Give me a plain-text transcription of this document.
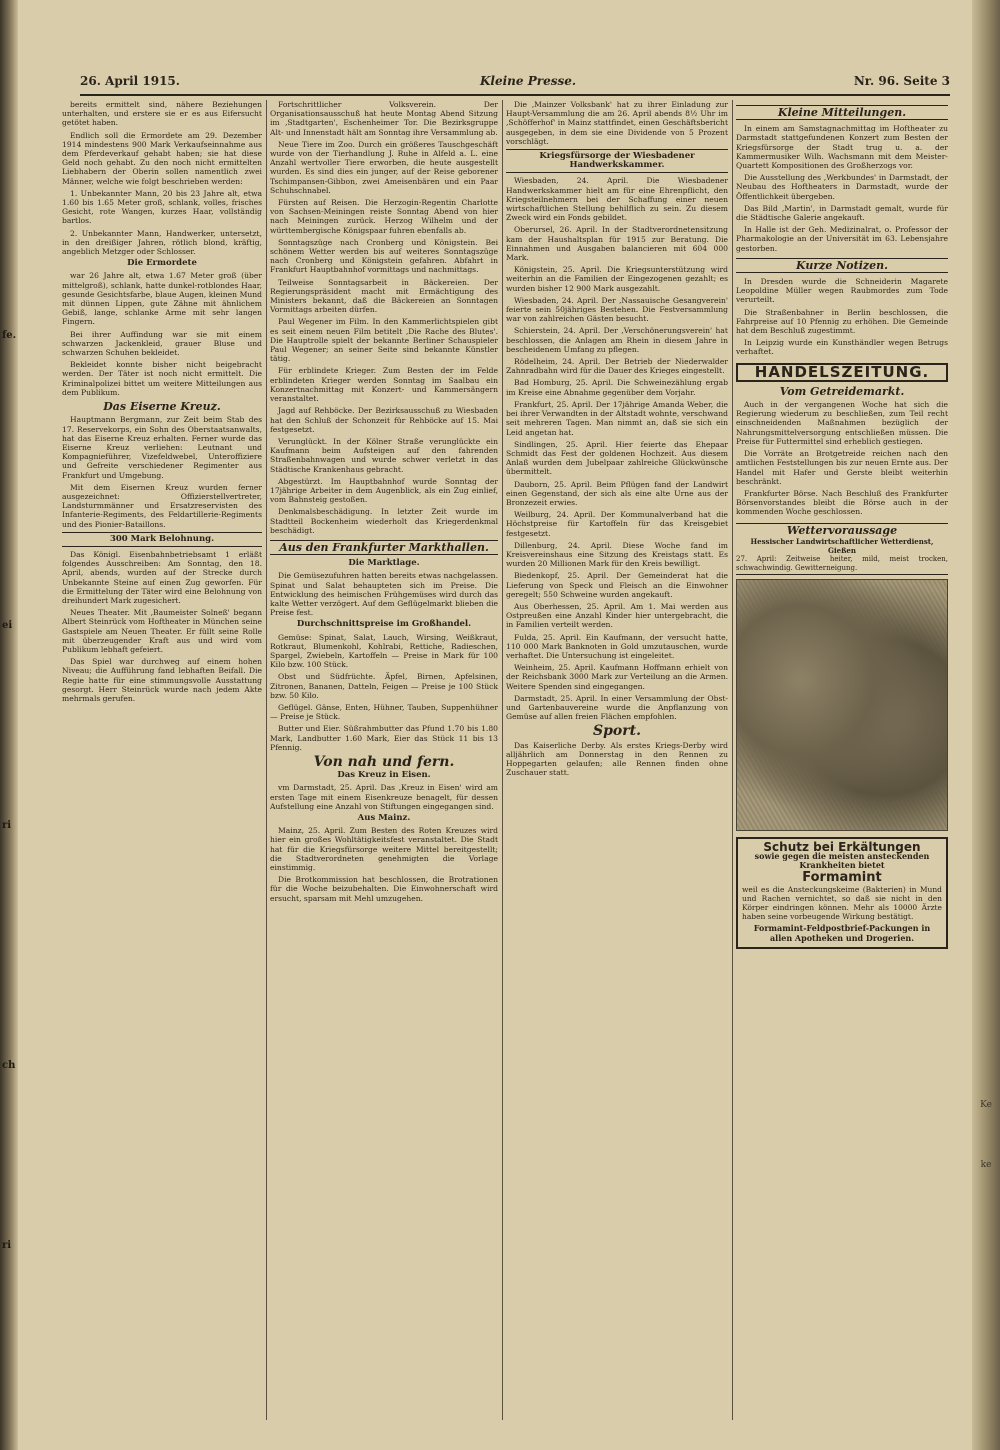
fe.
ei
ri
ch
ri
Ke
ke
26. April 1915.	Kleine Presse.	Nr. 96. Seite 3

bereits ermittelt sind, nähere Beziehungen unterhalten, und erstere sie er es aus Eifersucht getötet haben.

Endlich soll die Ermordete am 29. Dezember 1914 mindestens 900 Mark Verkaufseinnahme aus dem Pferdeverkauf gehabt haben; sie hat diese Geld noch gehabt. Zu den noch nicht ermittelten Liebhabern der Oberin sollen namentlich zwei Männer, welche wie folgt beschrieben werden:

1. Unbekannter Mann, 20 bis 23 Jahre alt, etwa 1.60 bis 1.65 Meter groß, schlank, volles, frisches Gesicht, rote Wangen, kurzes Haar, vollständig bartlos.

2. Unbekannter Mann, Handwerker, untersetzt, in den dreißiger Jahren, rötlich blond, kräftig, angeblich Metzger oder Schlosser.

Die Ermordete

war 26 Jahre alt, etwa 1.67 Meter groß (über mittelgroß), schlank, hatte dunkel-rotblondes Haar, gesunde Gesichtsfarbe, blaue Augen, kleinen Mund mit dünnen Lippen, gute Zähne mit ähnlichem Gebiß, lange, schlanke Arme mit sehr langen Fingern.

Bei ihrer Auffindung war sie mit einem schwarzen Jackenkleid, grauer Bluse und schwarzen Schuhen bekleidet.

Bekleidet konnte bisher nicht beigebracht werden. Der Täter ist noch nicht ermittelt. Die Kriminalpolizei bittet um weitere Mitteilungen aus dem Publikum.

Das Eiserne Kreuz.

Hauptmann Bergmann, zur Zeit beim Stab des 17. Reservekorps, ein Sohn des Oberstaatsanwalts, hat das Eiserne Kreuz erhalten. Ferner wurde das Eiserne Kreuz verliehen: Leutnant und Kompagnieführer, Vizefeldwebel, Unteroffiziere und Gefreite verschiedener Regimenter aus Frankfurt und Umgebung.

Mit dem Eisernen Kreuz wurden ferner ausgezeichnet: Offizierstellvertreter, Landsturmmänner und Ersatzreservisten des Infanterie-Regiments, des Feldartillerie-Regiments und des Pionier-Bataillons.

300 Mark Belohnung.

Das Königl. Eisenbahnbetriebsamt 1 erläßt folgendes Ausschreiben: Am Sonntag, den 18. April, abends, wurden auf der Strecke durch Unbekannte Steine auf einen Zug geworfen. Für die Ermittelung der Täter wird eine Belohnung von dreihundert Mark zugesichert.

Neues Theater. Mit ‚Baumeister Solneß' begann Albert Steinrück vom Hoftheater in München seine Gastspiele am Neuen Theater. Er füllt seine Rolle mit überzeugender Kraft aus und wird vom Publikum lebhaft gefeiert.

Das Spiel war durchweg auf einem hohen Niveau; die Aufführung fand lebhaften Beifall. Die Regie hatte für eine stimmungsvolle Ausstattung gesorgt. Herr Steinrück wurde nach jedem Akte mehrmals gerufen.

Fortschrittlicher Volksverein. Der Organisationsausschuß hat heute Montag Abend Sitzung im ‚Stadtgarten', Eschenheimer Tor. Die Bezirksgruppe Alt- und Innenstadt hält am Sonntag ihre Versammlung ab.

Neue Tiere im Zoo. Durch ein größeres Tauschgeschäft wurde von der Tierhandlung J. Ruhe in Alfeld a. L. eine Anzahl wertvoller Tiere erworben, die heute ausgestellt wurden. Es sind dies ein junger, auf der Reise geborener Tschimpansen-Gibbon, zwei Ameisenbären und ein Paar Schuhschnabel.

Fürsten auf Reisen. Die Herzogin-Regentin Charlotte von Sachsen-Meiningen reiste Sonntag Abend von hier nach Meiningen zurück. Herzog Wilhelm und der württembergische Königspaar fuhren ebenfalls ab.

Sonntagszüge nach Cronberg und Königstein. Bei schönem Wetter werden bis auf weiteres Sonntagszüge nach Cronberg und Königstein gefahren. Abfahrt in Frankfurt Hauptbahnhof vormittags und nachmittags.

Teilweise Sonntagsarbeit in Bäckereien. Der Regierungspräsident macht mit Ermächtigung des Ministers bekannt, daß die Bäckereien an Sonntagen Vormittags arbeiten dürfen.

Paul Wegener im Film. In den Kammerlichtspielen gibt es seit einem neuen Film betitelt ‚Die Rache des Blutes'. Die Hauptrolle spielt der bekannte Berliner Schauspieler Paul Wegener; an seiner Seite sind bekannte Künstler tätig.

Für erblindete Krieger. Zum Besten der im Felde erblindeten Krieger werden Sonntag im Saalbau ein Konzertnachmittag mit Konzert- und Kammersängern veranstaltet.

Jagd auf Rehböcke. Der Bezirksausschuß zu Wiesbaden hat den Schluß der Schonzeit für Rehböcke auf 15. Mai festgesetzt.

Verunglückt. In der Kölner Straße verunglückte ein Kaufmann beim Aufsteigen auf den fahrenden Straßenbahnwagen und wurde schwer verletzt in das Städtische Krankenhaus gebracht.

Abgestürzt. Im Hauptbahnhof wurde Sonntag der 17jährige Arbeiter in dem Augenblick, als ein Zug einlief, vom Bahnsteig gestoßen.

Denkmalsbeschädigung. In letzter Zeit wurde im Stadtteil Bockenheim wiederholt das Kriegerdenkmal beschädigt.

Aus den Frankfurter Markthallen.
Die Marktlage.

Die Gemüsezufuhren hatten bereits etwas nachgelassen. Spinat und Salat behaupteten sich im Preise. Die Entwicklung des heimischen Frühgemüses wird durch das kalte Wetter verzögert. Auf dem Geflügelmarkt blieben die Preise fest.

Durchschnittspreise im Großhandel.

Gemüse: Spinat, Salat, Lauch, Wirsing, Weißkraut, Rotkraut, Blumenkohl, Kohlrabi, Rettiche, Radieschen, Spargel, Zwiebeln, Kartoffeln — Preise in Mark für 100 Kilo bzw. 100 Stück.

Obst und Südfrüchte. Äpfel, Birnen, Apfelsinen, Zitronen, Bananen, Datteln, Feigen — Preise je 100 Stück bzw. 50 Kilo.

Geflügel. Gänse, Enten, Hühner, Tauben, Suppenhühner — Preise je Stück.

Butter und Eier. Süßrahmbutter das Pfund 1.70 bis 1.80 Mark, Landbutter 1.60 Mark, Eier das Stück 11 bis 13 Pfennig.

Von nah und fern.
Das Kreuz in Eisen.

vm Darmstadt, 25. April. Das ‚Kreuz in Eisen' wird am ersten Tage mit einem Eisenkreuze benagelt, für dessen Aufstellung eine Anzahl von Stiftungen eingegangen sind.

Aus Mainz.

Mainz, 25. April. Zum Besten des Roten Kreuzes wird hier ein großes Wohltätigkeitsfest veranstaltet. Die Stadt hat für die Kriegsfürsorge weitere Mittel bereitgestellt; die Stadtverordneten genehmigten die Vorlage einstimmig.

Die Brotkommission hat beschlossen, die Brotrationen für die Woche beizubehalten. Die Einwohnerschaft wird ersucht, sparsam mit Mehl umzugehen.

Die ‚Mainzer Volksbank' hat zu ihrer Einladung zur Haupt-Versammlung die am 26. April abends 8½ Uhr im ‚Schöfferhof' in Mainz stattfindet, einen Geschäftsbericht ausgegeben, in dem sie eine Dividende von 5 Prozent vorschlägt.

Kriegsfürsorge der Wiesbadener Handwerkskammer.

Wiesbaden, 24. April. Die Wiesbadener Handwerkskammer hielt am für eine Ehrenpflicht, den Kriegsteilnehmern bei der Schaffung einer neuen wirtschaftlichen Stellung behilflich zu sein. Zu diesem Zweck wird ein Fonds gebildet.

Oberursel, 26. April. In der Stadtverordnetensitzung kam der Haushaltsplan für 1915 zur Beratung. Die Einnahmen und Ausgaben balancieren mit 604 000 Mark.

Königstein, 25. April. Die Kriegsunterstützung wird weiterhin an die Familien der Eingezogenen gezahlt; es wurden bisher 12 900 Mark ausgezahlt.

Wiesbaden, 24. April. Der ‚Nassauische Gesangverein' feierte sein 50jähriges Bestehen. Die Festversammlung war von zahlreichen Gästen besucht.

Schierstein, 24. April. Der ‚Verschönerungsverein' hat beschlossen, die Anlagen am Rhein in diesem Jahre in bescheidenem Umfang zu pflegen.

Rödelheim, 24. April. Der Betrieb der Niederwalder Zahnradbahn wird für die Dauer des Krieges eingestellt.

Bad Homburg, 25. April. Die Schweinezählung ergab im Kreise eine Abnahme gegenüber dem Vorjahr.

Frankfurt, 25. April. Der 17jährige Amanda Weber, die bei ihrer Verwandten in der Altstadt wohnte, verschwand seit mehreren Tagen. Man nimmt an, daß sie sich ein Leid angetan hat.

Sindlingen, 25. April. Hier feierte das Ehepaar Schmidt das Fest der goldenen Hochzeit. Aus diesem Anlaß wurden dem Jubelpaar zahlreiche Glückwünsche übermittelt.

Dauborn, 25. April. Beim Pflügen fand der Landwirt einen Gegenstand, der sich als eine alte Urne aus der Bronzezeit erwies.

Weilburg, 24. April. Der Kommunalverband hat die Höchstpreise für Kartoffeln für das Kreisgebiet festgesetzt.

Dillenburg, 24. April. Diese Woche fand im Kreisvereinshaus eine Sitzung des Kreistags statt. Es wurden 20 Millionen Mark für den Kreis bewilligt.

Biedenkopf, 25. April. Der Gemeinderat hat die Lieferung von Speck und Fleisch an die Einwohner geregelt; 550 Schweine wurden angekauft.

Aus Oberhessen, 25. April. Am 1. Mai werden aus Ostpreußen eine Anzahl Kinder hier untergebracht, die in Familien verteilt werden.

Fulda, 25. April. Ein Kaufmann, der versucht hatte, 110 000 Mark Banknoten in Gold umzutauschen, wurde verhaftet. Die Untersuchung ist eingeleitet.

Weinheim, 25. April. Kaufmann Hoffmann erhielt von der Reichsbank 3000 Mark zur Verteilung an die Armen. Weitere Spenden sind eingegangen.

Darmstadt, 25. April. In einer Versammlung der Obst- und Gartenbauvereine wurde die Anpflanzung von Gemüse auf allen freien Flächen empfohlen.

Sport.

Das Kaiserliche Derby. Als erstes Kriegs-Derby wird alljährlich am Donnerstag in den Rennen zu Hoppegarten gelaufen; alle Rennen finden ohne Zuschauer statt.

Kleine Mitteilungen.

In einem am Samstagnachmittag im Hoftheater zu Darmstadt stattgefundenen Konzert zum Besten der Kriegsfürsorge der Stadt trug u. a. der Kammermusiker Wilh. Wachsmann mit dem Meister-Quartett Kompositionen des Großherzogs vor.

Die Ausstellung des ‚Werkbundes' in Darmstadt, der Neubau des Hoftheaters in Darmstadt, wurde der Öffentlichkeit übergeben.

Das Bild ‚Martin', in Darmstadt gemalt, wurde für die Städtische Galerie angekauft.

In Halle ist der Geh. Medizinalrat, o. Professor der Pharmakologie an der Universität im 63. Lebensjahre gestorben.

Kurze Notizen.

In Dresden wurde die Schneiderin Magarete Leopoldine Müller wegen Raubmordes zum Tode verurteilt.

Die Straßenbahner in Berlin beschlossen, die Fahrpreise auf 10 Pfennig zu erhöhen. Die Gemeinde hat dem Beschluß zugestimmt.

In Leipzig wurde ein Kunsthändler wegen Betrugs verhaftet.

HANDELSZEITUNG.
Vom Getreidemarkt.

Auch in der vergangenen Woche hat sich die Regierung wiederum zu beschließen, zum Teil recht einschneidenden Maßnahmen bezüglich der Nahrungsmittelversorgung entschließen müssen. Die Preise für Futtermittel sind erheblich gestiegen.

Die Vorräte an Brotgetreide reichen nach den amtlichen Feststellungen bis zur neuen Ernte aus. Der Handel mit Hafer und Gerste bleibt weiterhin beschränkt.

Frankfurter Börse. Nach Beschluß des Frankfurter Börsenvorstandes bleibt die Börse auch in der kommenden Woche geschlossen.

Wettervoraussage
Hessischer Landwirtschaftlicher Wetterdienst, Gießen
27. April: Zeitweise heiter, mild, meist trocken, schwachwindig. Gewitterneigung.
Schutz bei Erkältungen
sowie gegen die meisten ansteckenden
Krankheiten bietet
Formamint
weil es die Ansteckungskeime (Bakterien) in Mund und Rachen vernichtet, so daß sie nicht in den Körper eindringen können. Mehr als 10000 Ärzte haben seine vorbeugende Wirkung bestätigt.
Formamint-Feldpostbrief-Packungen in allen Apotheken und Drogerien.
